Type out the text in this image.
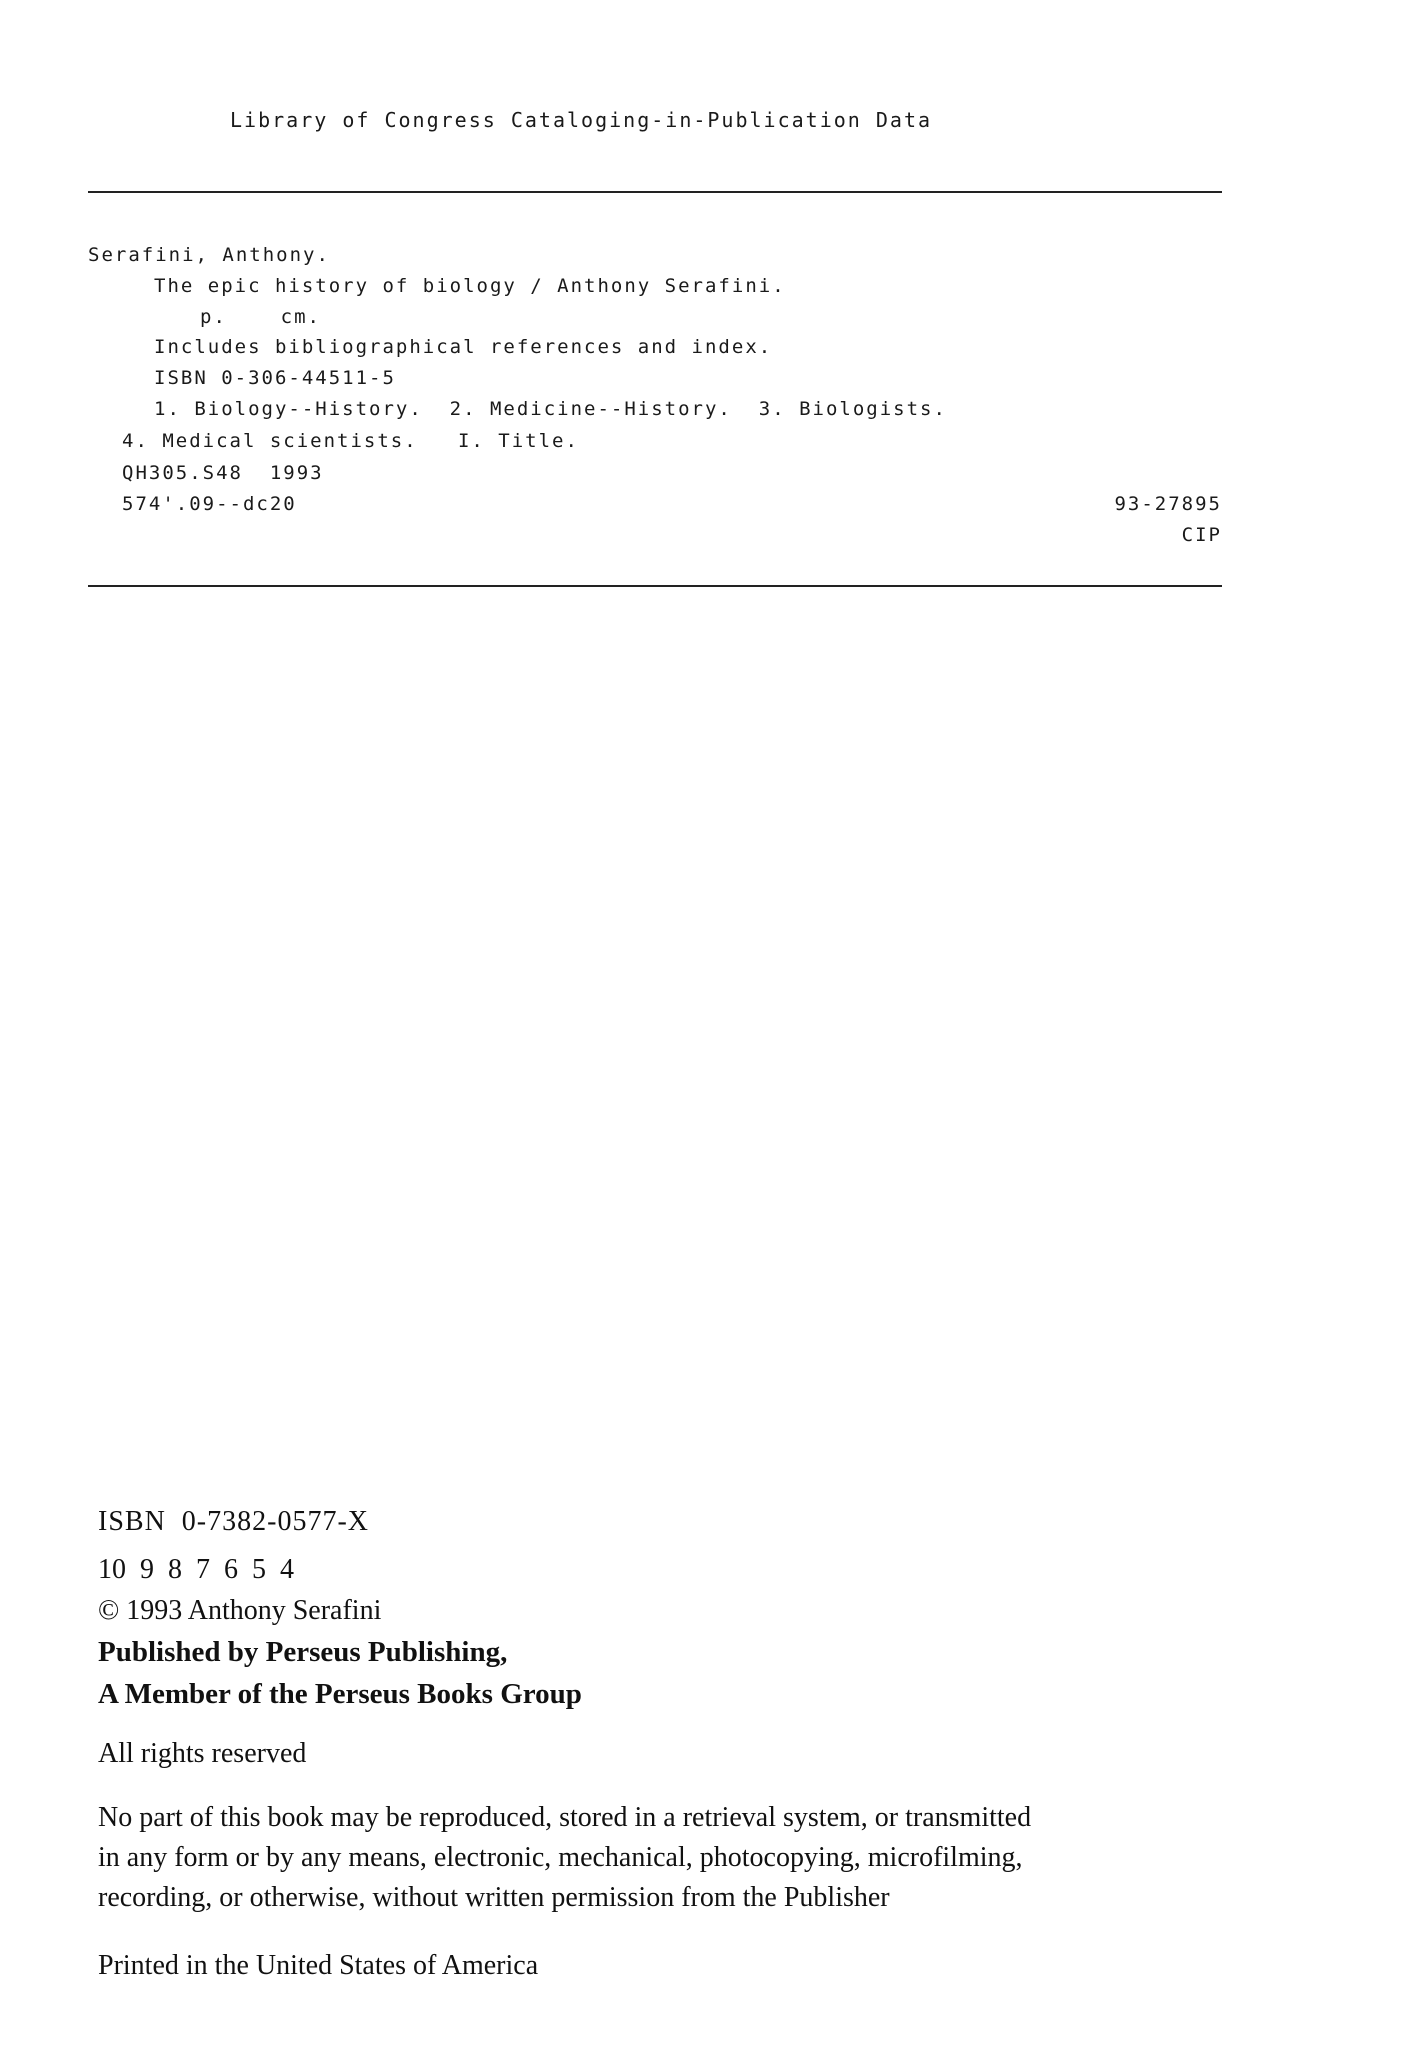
Library of Congress Cataloging-in-Publication Data
Serafini, Anthony.
The epic history of biology / Anthony Serafini.
p.    cm.
Includes bibliographical references and index.
ISBN 0-306-44511-5
1. Biology--History.  2. Medicine--History.  3. Biologists.
4. Medical scientists.   I. Title.
QH305.S48  1993
574'.09--dc20	93-27895
CIP
ISBN  0-7382-0577-X
10  9  8  7  6  5  4
© 1993 Anthony Serafini
Published by Perseus Publishing,
A Member of the Perseus Books Group
All rights reserved
No part of this book may be reproduced, stored in a retrieval system, or transmitted
in any form or by any means, electronic, mechanical, photocopying, microfilming,
recording, or otherwise, without written permission from the Publisher
Printed in the United States of America
